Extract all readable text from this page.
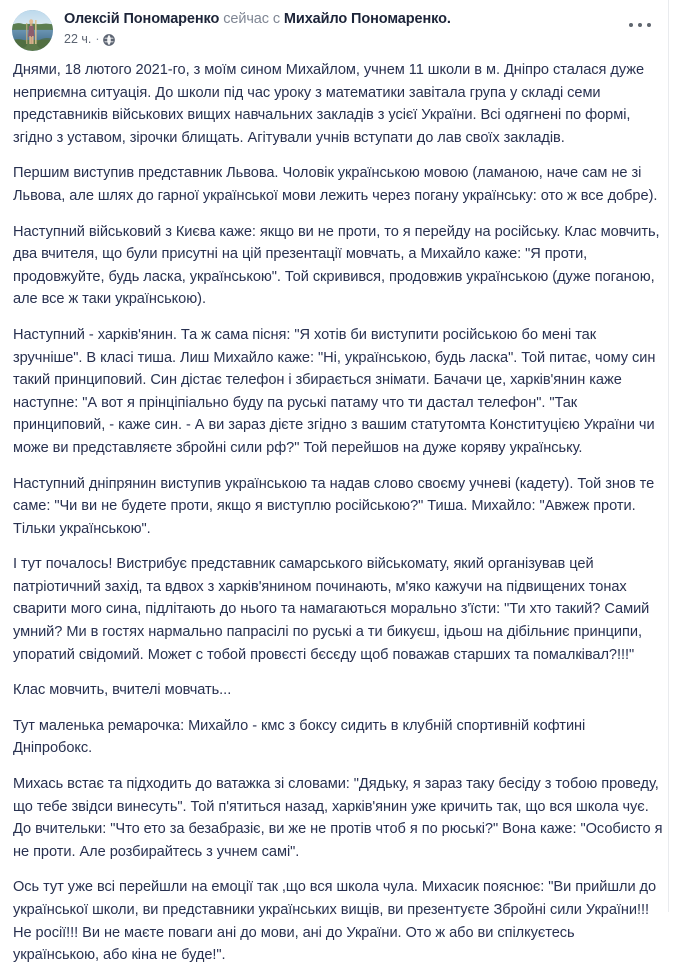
Олексій Пономаренко сейчас с Михайло Пономаренко.
22 ч. ·

Днями, 18 лютого 2021-го, з моїм сином Михайлом, учнем 11 школи в м. Дніпро сталася дуже неприємна ситуація. До школи під час уроку з математики завітала група у складі семи представників військових вищих навчальних закладів з усієї України. Всі одягнені по формі, згідно з уставом, зірочки блищать. Агітували учнів вступати до лав своїх закладів.

Першим виступив представник Львова. Чоловік українською мовою (ламаною, наче сам не зі Львова, але шлях до гарної української мови лежить через погану українську: ото ж все добре).

Наступний військовий з Києва каже: якщо ви не проти, то я перейду на російську. Клас мовчить, два вчителя, що були присутні на цій презентації мовчать, а Михайло каже: "Я проти, продовжуйте, будь ласка, українською". Той скривився, продовжив українською (дуже поганою, але все ж таки українською).

Наступний - харків'янин. Та ж сама пісня: "Я хотів би виступити російською бо мені так зручніше". В класі тиша. Лиш Михайло каже: "Ні, українською, будь ласка". Той питає, чому син такий принциповий. Син дістає телефон і збирається знімати. Бачачи це, харків'янин каже наступне: "А вот я прінціпіально буду па руські патаму что ти дастал телефон". "Так принциповий, - каже син. - А ви зараз дієте згідно з вашим статутомта Конституцією України чи може ви представляєте збройні сили рф?" Той перейшов на дуже коряву українську.

Наступний дніпрянин виступив українською та надав слово своєму учневі (кадету). Той знов те саме: "Чи ви не будете проти, якщо я виступлю російською?" Тиша. Михайло: "Авжеж проти. Тільки українською".

І тут почалось! Вистрибує представник самарського військомату, який організував цей патріотичний захід, та вдвох з харків'янином починають, м'яко кажучи на підвищених тонах сварити мого сина, підлітають до нього та намагаються морально з'їсти: "Ти хто такий? Самий умний? Ми в гостях нармально папрасілі по руські а ти бикуєш, ідьош на дібільниє принципи, упоратий свідомий. Может с тобой провєсті бєсєду щоб поважав старших та помалківал?!!!"

Клас мовчить, вчителі мовчать...

Тут маленька ремарочка: Михайло - кмс з боксу сидить в клубній спортивній кофтині Дніпробокс.

Михась встає та підходить до ватажка зі словами: "Дядьку, я зараз таку бесіду з тобою проведу, що тебе звідси винесуть". Той п'ятиться назад, харків'янин уже кричить так, що вся школа чує. До вчительки: "Что ето за безабразіє, ви же не протів чтоб я по рюські?" Вона каже: "Особисто я не проти. Але розбирайтесь з учнем самі".

Ось тут уже всі перейшли на емоції так ,що вся школа чула. Михасик пояснює: "Ви прийшли до української школи, ви представники українських вищів, ви презентуєте Збройні сили України!!! Не росії!!! Ви не маєте поваги ані до мови, ані до України. Ото ж або ви спілкуєтесь українською, або кіна не буде!".
